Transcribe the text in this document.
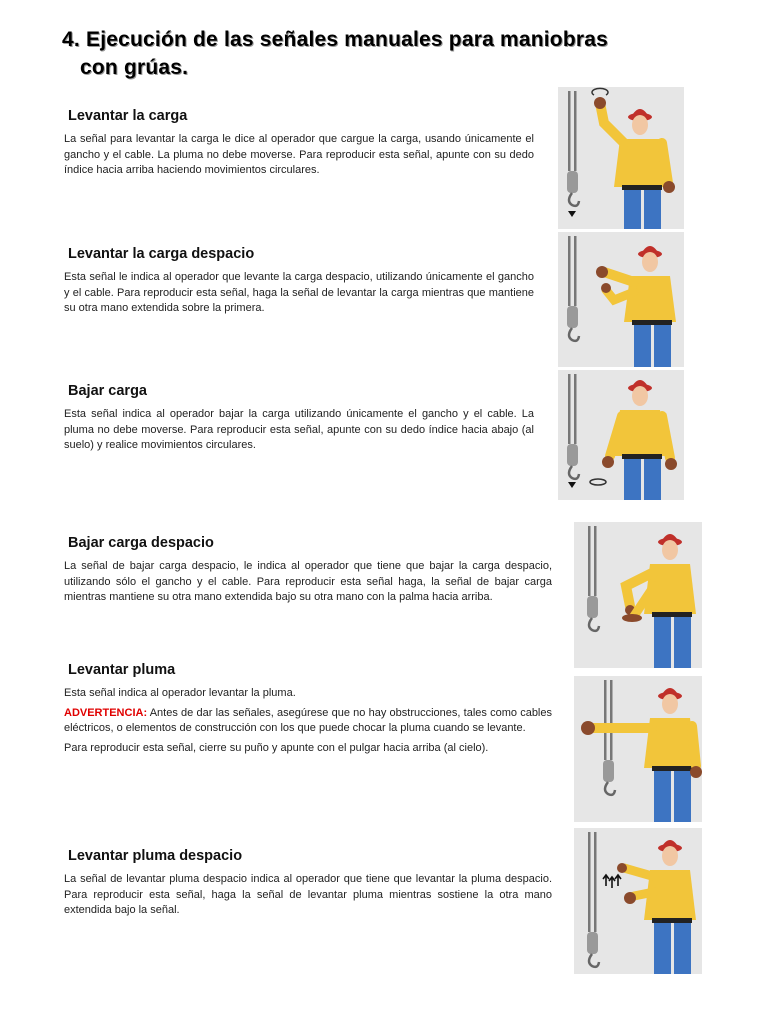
4. Ejecución de las señales manuales para maniobras
con grúas.
Levantar la carga

La señal para levantar la carga le dice al operador que cargue la carga, usando únicamente el gancho y el cable. La pluma no debe moverse. Para reproducir esta señal, apunte con su dedo índice hacia arriba haciendo movimientos circulares.

Levantar la carga despacio

Esta señal le indica al operador que levante la carga despacio, utilizando únicamente el gancho y el cable. Para reproducir esta señal, haga la señal de levantar la carga mientras que mantiene su otra mano extendida sobre la primera.

Bajar carga

Esta señal indica al operador bajar la carga utilizando únicamente el gancho y el cable. La pluma no debe moverse. Para reproducir esta señal, apunte con su dedo índice hacia abajo (al suelo) y realice movimientos circulares.

Bajar carga despacio

La señal de bajar carga despacio, le indica al operador que tiene que bajar la carga despacio, utilizando sólo el gancho y el cable. Para reproducir esta señal haga, la señal de bajar carga mientras mantiene su otra mano extendida bajo su otra mano con la palma hacia arriba.

Levantar pluma

Esta señal indica al operador levantar la pluma.

ADVERTENCIA: Antes de dar las señales, asegúrese que no hay obstrucciones, tales como cables eléctricos, o elementos de construcción con los que puede chocar la pluma cuando se levante.

Para reproducir esta señal, cierre su puño y apunte con el pulgar hacia arriba (al cielo).

Levantar pluma despacio

La señal de levantar pluma despacio indica al operador que tiene que levantar la pluma despacio. Para reproducir esta señal, haga la señal de levantar pluma mientras sostiene la otra mano extendida bajo la señal.
